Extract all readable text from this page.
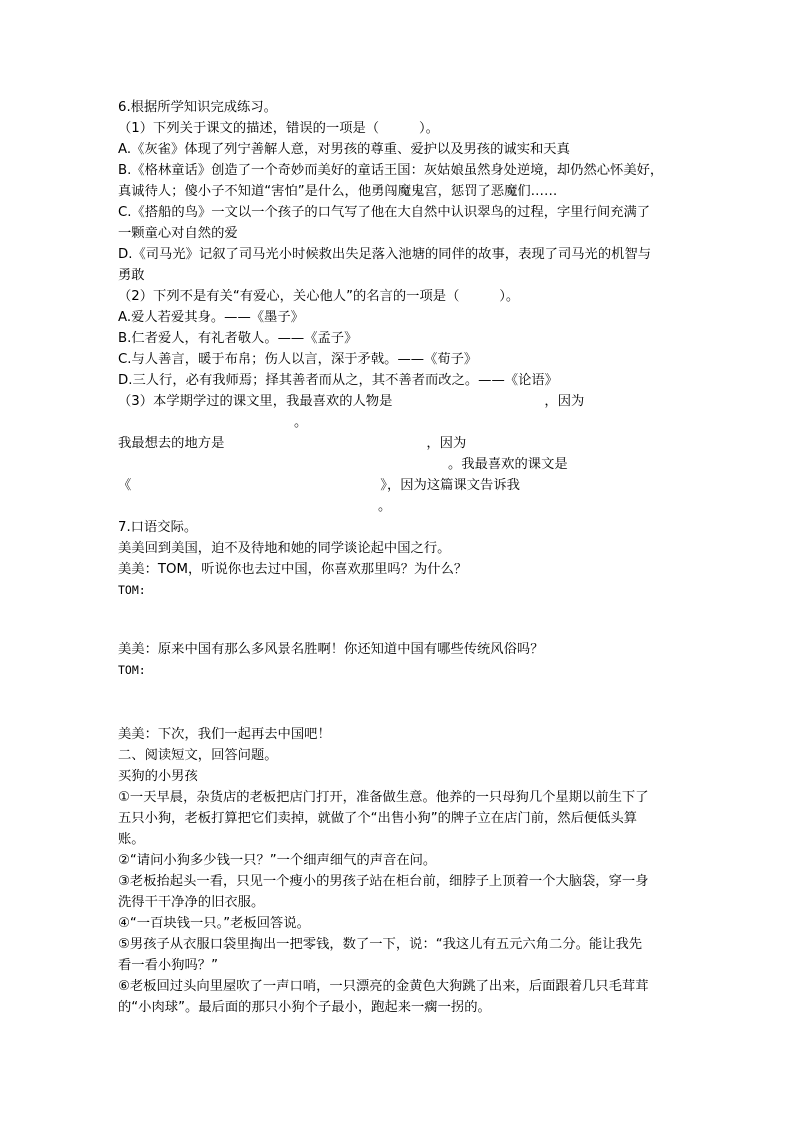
6.根据所学知识完成练习。
（1）下列关于课文的描述，错误的一项是（　　　）。
A.《灰雀》体现了列宁善解人意，对男孩的尊重、爱护以及男孩的诚实和天真
B.《格林童话》创造了一个奇妙而美好的童话王国：灰姑娘虽然身处逆境，却仍然心怀美好，
真诚待人；傻小子不知道“害怕”是什么，他勇闯魔鬼宫，惩罚了恶魔们……
C.《搭船的鸟》一文以一个孩子的口气写了他在大自然中认识翠鸟的过程，字里行间充满了
一颗童心对自然的爱
D.《司马光》记叙了司马光小时候救出失足落入池塘的同伴的故事，表现了司马光的机智与
勇敢
（2）下列不是有关“有爱心，关心他人”的名言的一项是（　　　）。
A.爱人若爱其身。——《墨子》
B.仁者爱人，有礼者敬人。——《孟子》
C.与人善言，暖于布帛；伤人以言，深于矛戟。——《荀子》
D.三人行，必有我师焉；择其善者而从之，其不善者而改之。——《论语》
（3）本学期学过的课文里，我最喜欢的人物是	，因为
。
我最想去的地方是	，因为
。我最喜欢的课文是
《	》，因为这篇课文告诉我
。
7.口语交际。
美美回到美国，迫不及待地和她的同学谈论起中国之行。
美美：TOM，听说你也去过中国，你喜欢那里吗？为什么？
TOM:
美美：原来中国有那么多风景名胜啊！你还知道中国有哪些传统风俗吗？
TOM:
美美：下次，我们一起再去中国吧！
二、阅读短文，回答问题。
买狗的小男孩
①一天早晨，杂货店的老板把店门打开，准备做生意。他养的一只母狗几个星期以前生下了
五只小狗，老板打算把它们卖掉，就做了个“出售小狗”的牌子立在店门前，然后便低头算
账。
②“请问小狗多少钱一只？”一个细声细气的声音在问。
③老板抬起头一看，只见一个瘦小的男孩子站在柜台前，细脖子上顶着一个大脑袋，穿一身
洗得干干净净的旧衣服。
④“一百块钱一只。”老板回答说。
⑤男孩子从衣服口袋里掏出一把零钱，数了一下，说：“我这儿有五元六角二分。能让我先
看一看小狗吗？”
⑥老板回过头向里屋吹了一声口哨，一只漂亮的金黄色大狗跳了出来，后面跟着几只毛茸茸
的“小肉球”。最后面的那只小狗个子最小，跑起来一瘸一拐的。
